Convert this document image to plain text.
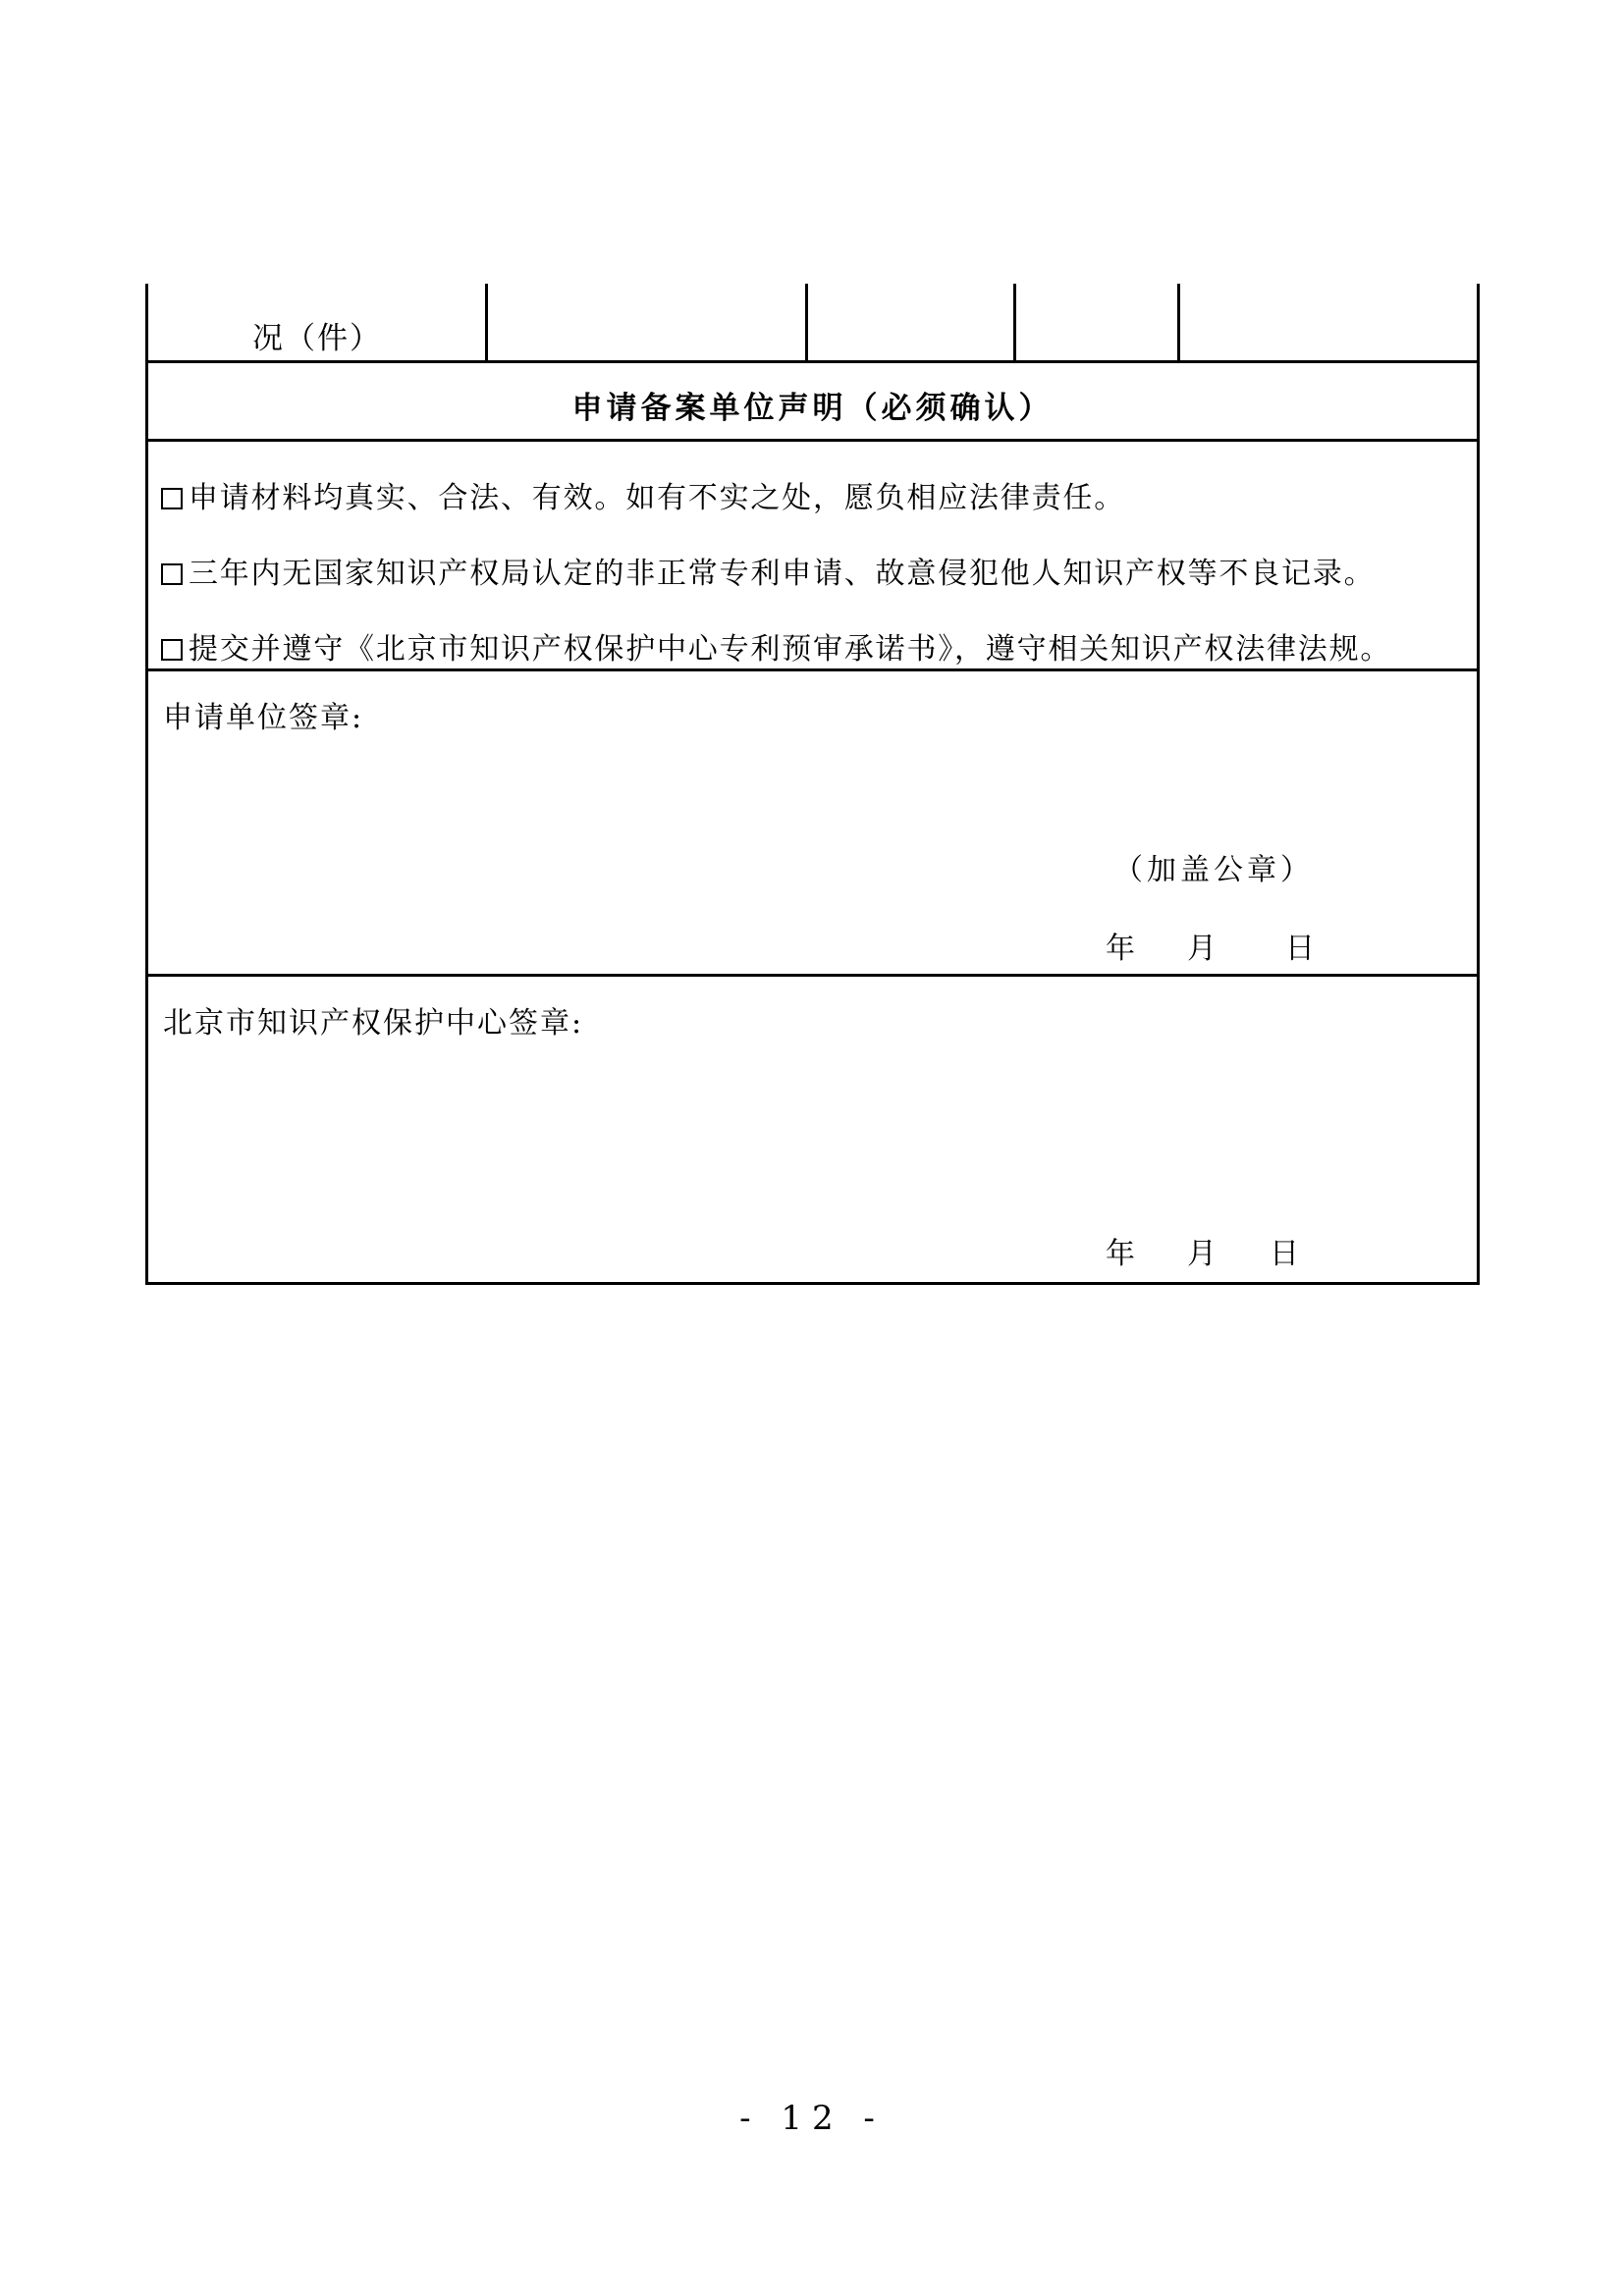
况（件）
申请备案单位声明（必须确认）
申请材料均真实、合法、有效。如有不实之处，愿负相应法律责任。
三年内无国家知识产权局认定的非正常专利申请、故意侵犯他人知识产权等不良记录。
提交并遵守《北京市知识产权保护中心专利预审承诺书》，遵守相关知识产权法律法规。
申请单位签章:
（加盖公章）
年 月 日
北京市知识产权保护中心签章:
年 月 日
- 12 -
